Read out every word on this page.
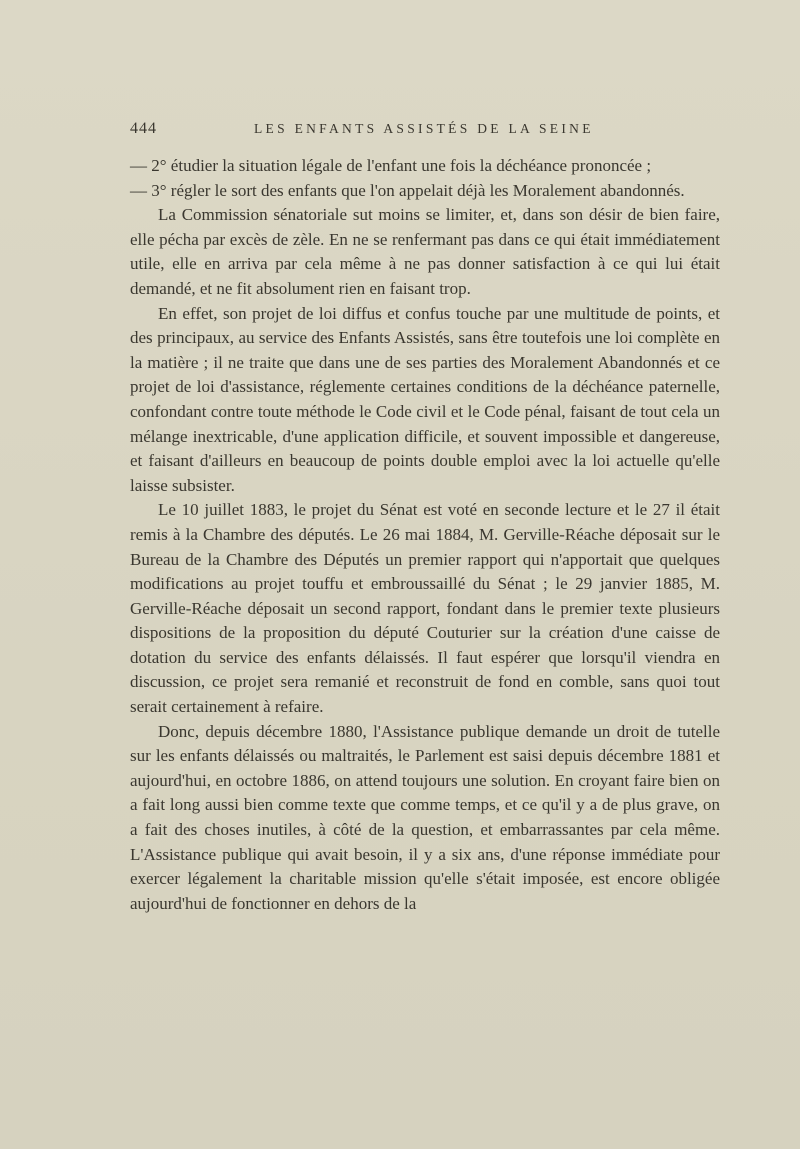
444	LES ENFANTS ASSISTÉS DE LA SEINE

— 2° étudier la situation légale de l'enfant une fois la déchéance prononcée ;

— 3° régler le sort des enfants que l'on appelait déjà les Moralement abandonnés.

La Commission sénatoriale sut moins se limiter, et, dans son désir de bien faire, elle pécha par excès de zèle. En ne se renfermant pas dans ce qui était immédiatement utile, elle en arriva par cela même à ne pas donner satisfaction à ce qui lui était demandé, et ne fit absolument rien en faisant trop.

En effet, son projet de loi diffus et confus touche par une multitude de points, et des principaux, au service des Enfants Assistés, sans être toutefois une loi complète en la matière ; il ne traite que dans une de ses parties des Moralement Abandonnés et ce projet de loi d'assistance, réglemente certaines conditions de la déchéance paternelle, confondant contre toute méthode le Code civil et le Code pénal, faisant de tout cela un mélange inextricable, d'une application difficile, et souvent impossible et dangereuse, et faisant d'ailleurs en beaucoup de points double emploi avec la loi actuelle qu'elle laisse subsister.

Le 10 juillet 1883, le projet du Sénat est voté en seconde lecture et le 27 il était remis à la Chambre des députés. Le 26 mai 1884, M. Gerville-Réache déposait sur le Bureau de la Chambre des Députés un premier rapport qui n'apportait que quelques modifications au projet touffu et embroussaillé du Sénat ; le 29 janvier 1885, M. Gerville-Réache déposait un second rapport, fondant dans le premier texte plusieurs dispositions de la proposition du député Couturier sur la création d'une caisse de dotation du service des enfants délaissés. Il faut espérer que lorsqu'il viendra en discussion, ce projet sera remanié et reconstruit de fond en comble, sans quoi tout serait certainement à refaire.

Donc, depuis décembre 1880, l'Assistance publique demande un droit de tutelle sur les enfants délaissés ou maltraités, le Parlement est saisi depuis décembre 1881 et aujourd'hui, en octobre 1886, on attend toujours une solution. En croyant faire bien on a fait long aussi bien comme texte que comme temps, et ce qu'il y a de plus grave, on a fait des choses inutiles, à côté de la question, et embarrassantes par cela même. L'Assistance publique qui avait besoin, il y a six ans, d'une réponse immédiate pour exercer légalement la charitable mission qu'elle s'était imposée, est encore obligée aujourd'hui de fonctionner en dehors de la
